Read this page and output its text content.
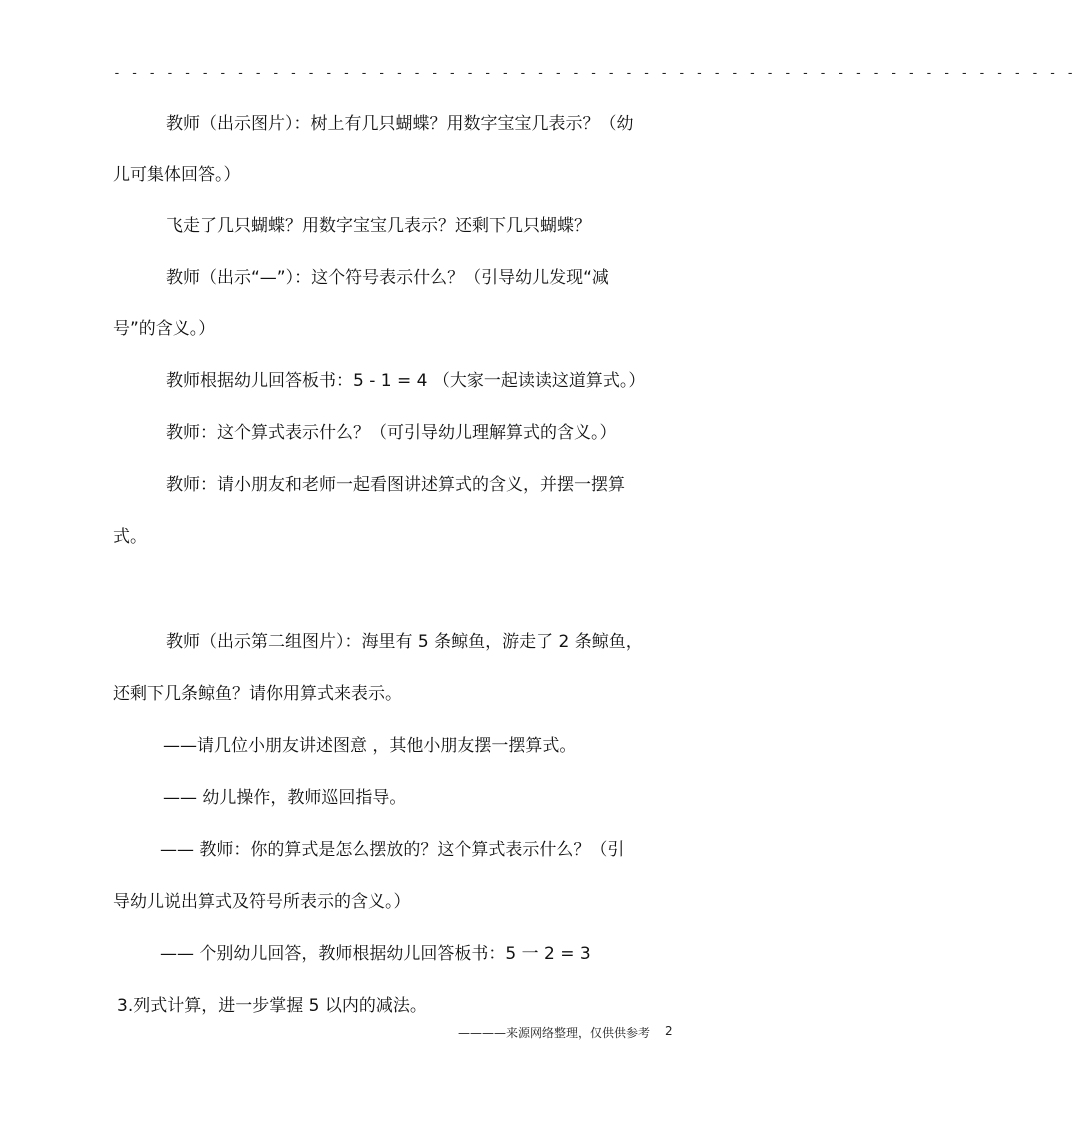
- - - - - - - - - - - - - - - - - - - - - - - - - - - - - - - - - - - - - - - - - - - - - - - - - - - - - - -
教师（出示图片）：树上有几只蝴蝶？用数字宝宝几表示？（幼
儿可集体回答。）
飞走了几只蝴蝶？用数字宝宝几表示？还剩下几只蝴蝶？
教师（出示“—”）：这个符号表示什么？（引导幼儿发现“减
号”的含义。）
教师根据幼儿回答板书：5 - 1 = 4 （大家一起读读这道算式。）
教师：这个算式表示什么？（可引导幼儿理解算式的含义。）
教师：请小朋友和老师一起看图讲述算式的含义，并摆一摆算
式。
教师（出示第二组图片）：海里有 5 条鲸鱼，游走了 2 条鲸鱼，
还剩下几条鲸鱼？请你用算式来表示。
——请几位小朋友讲述图意 ，其他小朋友摆一摆算式。
—— 幼儿操作，教师巡回指导。
—— 教师：你的算式是怎么摆放的？这个算式表示什么？（引
导幼儿说出算式及符号所表示的含义。）
—— 个别幼儿回答，教师根据幼儿回答板书：5 一 2 = 3
3.列式计算，进一步掌握 5 以内的减法。
————来源网络整理，仅供供参考 2
